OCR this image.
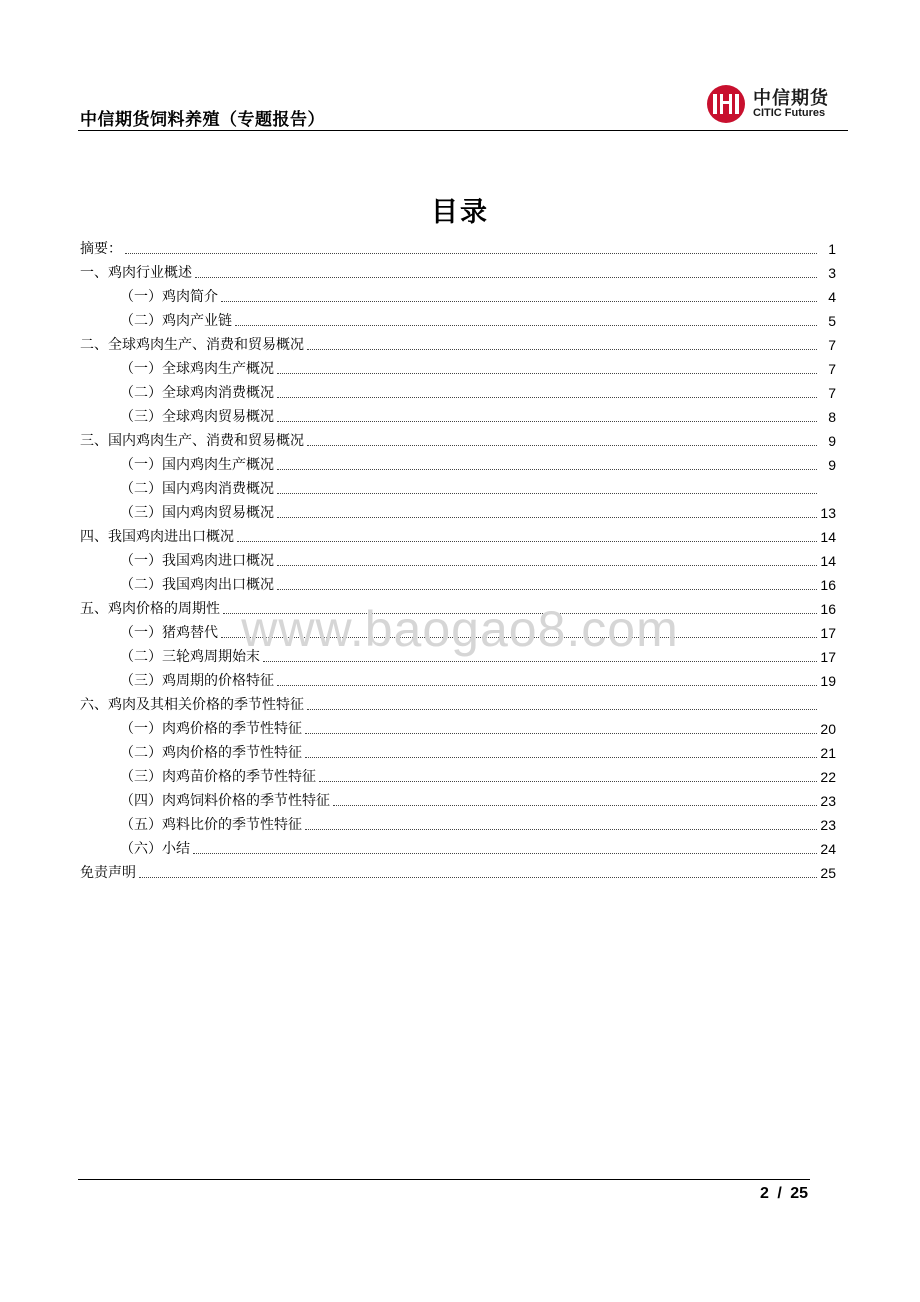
中信期货饲料养殖（专题报告）
中信期货
CITIC Futures
目录
摘要：	1
一、鸡肉行业概述	3
（一）鸡肉简介	4
（二）鸡肉产业链	5
二、全球鸡肉生产、消费和贸易概况	7
（一）全球鸡肉生产概况	7
（二）全球鸡肉消费概况	7
（三）全球鸡肉贸易概况	8
三、国内鸡肉生产、消费和贸易概况	9
（一）国内鸡肉生产概况	9
（二）国内鸡肉消费概况
（三）国内鸡肉贸易概况	13
四、我国鸡肉进出口概况	14
（一）我国鸡肉进口概况	14
（二）我国鸡肉出口概况	16
五、鸡肉价格的周期性	16
（一）猪鸡替代	17
（二）三轮鸡周期始末	17
（三）鸡周期的价格特征	19
六、鸡肉及其相关价格的季节性特征
（一）肉鸡价格的季节性特征	20
（二）鸡肉价格的季节性特征	21
（三）肉鸡苗价格的季节性特征	22
（四）肉鸡饲料价格的季节性特征	23
（五）鸡料比价的季节性特征	23
（六）小结	24
免责声明	25
www.baogao8.com
2 / 25
